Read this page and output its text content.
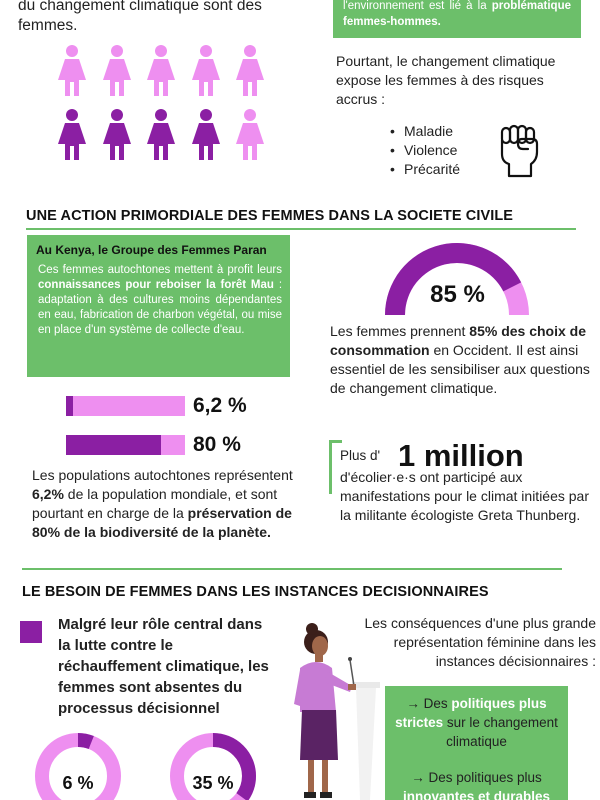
du changement climatique sont des femmes.
l'environnement est lié à la problématique femmes-hommes.
Pourtant, le changement climatique expose les femmes à des risques accrus :
• Maladie
• Violence
• Précarité
UNE ACTION PRIMORDIALE DES FEMMES DANS LA SOCIETE CIVILE
Au Kenya, le Groupe des Femmes Paran
Ces femmes autochtones mettent à profit leurs connaissances pour reboiser la forêt Mau : adaptation à des cultures moins dépendantes en eau, fabrication de charbon végétal, ou mise en place d'un système de collecte d'eau.
6,2 %
80 %
Les populations autochtones représentent 6,2% de la population mondiale, et sont pourtant en charge de la préservation de 80% de la biodiversité de la planète.
85 %
Les femmes prennent 85% des choix de consommation en Occident. Il est ainsi essentiel de les sensibiliser aux questions de changement climatique.
Plus d' 1 million
d'écolier·e·s ont participé aux manifestations pour le climat initiées par la militante écologiste Greta Thunberg.
LE BESOIN DE FEMMES DANS LES INSTANCES DECISIONNAIRES
Malgré leur rôle central dans la lutte contre le réchauffement climatique, les femmes sont absentes du processus décisionnel
Les conséquences d'une plus grande représentation féminine dans les instances décisionnaires :

→ Des politiques plus strictes sur le changement climatique

→ Des politiques plus innovantes et durables

6 %	35 %
